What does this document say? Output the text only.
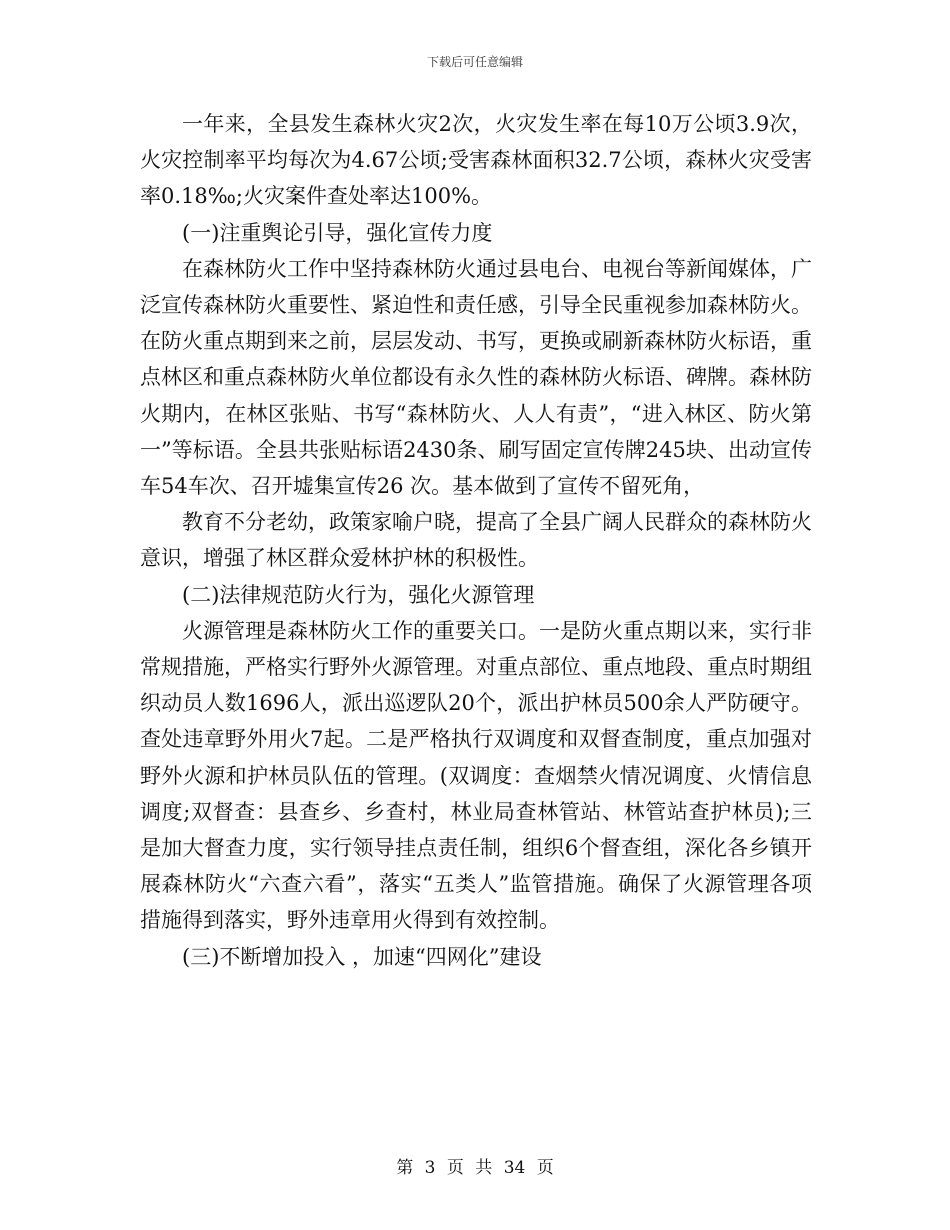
下载后可任意编辑

一年来，全县发生森林火灾2次，火灾发生率在每10万公顷3.9次，火灾控制率平均每次为4.67公顷;受害森林面积32.7公顷，森林火灾受害率0.18‰;火灾案件查处率达100%。

(一)注重舆论引导，强化宣传力度

在森林防火工作中坚持森林防火通过县电台、电视台等新闻媒体，广泛宣传森林防火重要性、紧迫性和责任感，引导全民重视参加森林防火。在防火重点期到来之前，层层发动、书写，更换或刷新森林防火标语，重点林区和重点森林防火单位都设有永久性的森林防火标语、碑牌。森林防火期内，在林区张贴、书写“森林防火、人人有责”，“进入林区、防火第一”等标语。全县共张贴标语2430条、刷写固定宣传牌245块、出动宣传车54车次、召开墟集宣传26 次。基本做到了宣传不留死角，

教育不分老幼，政策家喻户晓，提高了全县广阔人民群众的森林防火意识，增强了林区群众爱林护林的积极性。

(二)法律规范防火行为，强化火源管理

火源管理是森林防火工作的重要关口。一是防火重点期以来，实行非常规措施，严格实行野外火源管理。对重点部位、重点地段、重点时期组织动员人数1696人，派出巡逻队20个，派出护林员500余人严防硬守。查处违章野外用火7起。二是严格执行双调度和双督查制度，重点加强对野外火源和护林员队伍的管理。(双调度：查烟禁火情况调度、火情信息调度;双督查：县查乡、乡查村，林业局查林管站、林管站查护林员);三是加大督查力度，实行领导挂点责任制，组织6个督查组，深化各乡镇开展森林防火“六查六看”，落实“五类人”监管措施。确保了火源管理各项措施得到落实，野外违章用火得到有效控制。

(三)不断增加投入 ，加速“四网化”建设

第 3 页 共 34 页
